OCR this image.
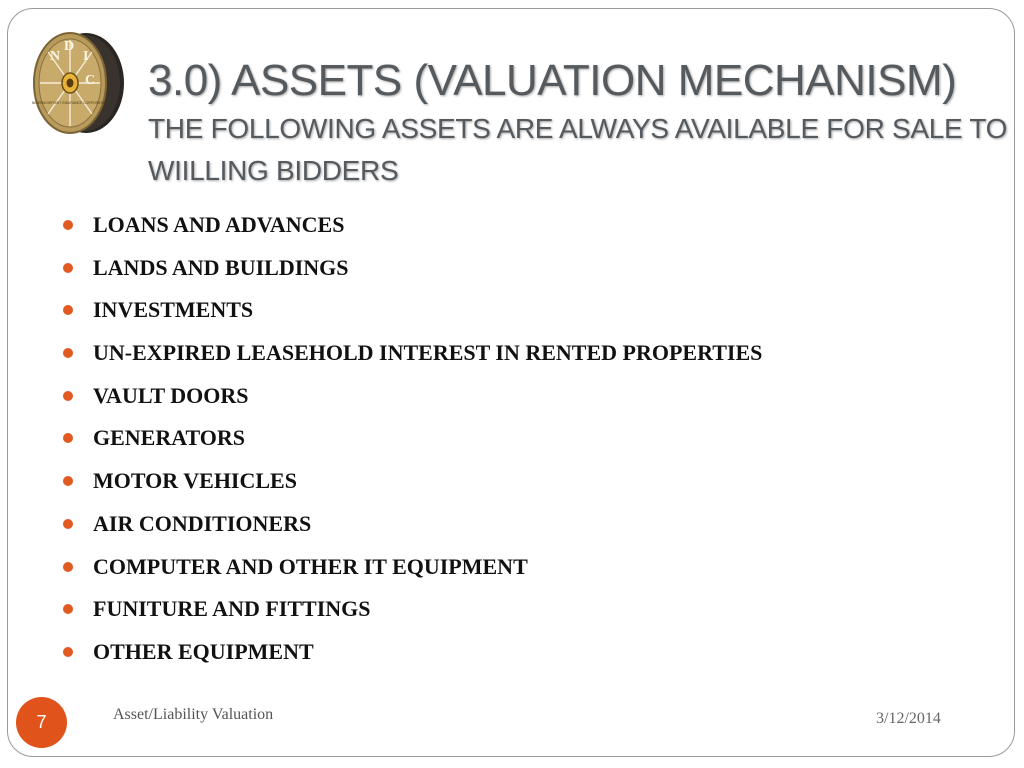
N
D
I
C
NIGERIA DEPOSIT INSURANCE CORPORATION 3.0) ASSETS (VALUATION MECHANISM)
THE FOLLOWING ASSETS ARE ALWAYS AVAILABLE FOR SALE TO WIILLING BIDDERS
LOANS AND ADVANCES
LANDS AND BUILDINGS
INVESTMENTS
UN-EXPIRED LEASEHOLD INTEREST IN RENTED PROPERTIES
VAULT DOORS
GENERATORS
MOTOR VEHICLES
AIR CONDITIONERS
COMPUTER AND OTHER IT EQUIPMENT
FUNITURE AND FITTINGS
OTHER EQUIPMENT
7	Asset/Liability Valuation	3/12/2014
